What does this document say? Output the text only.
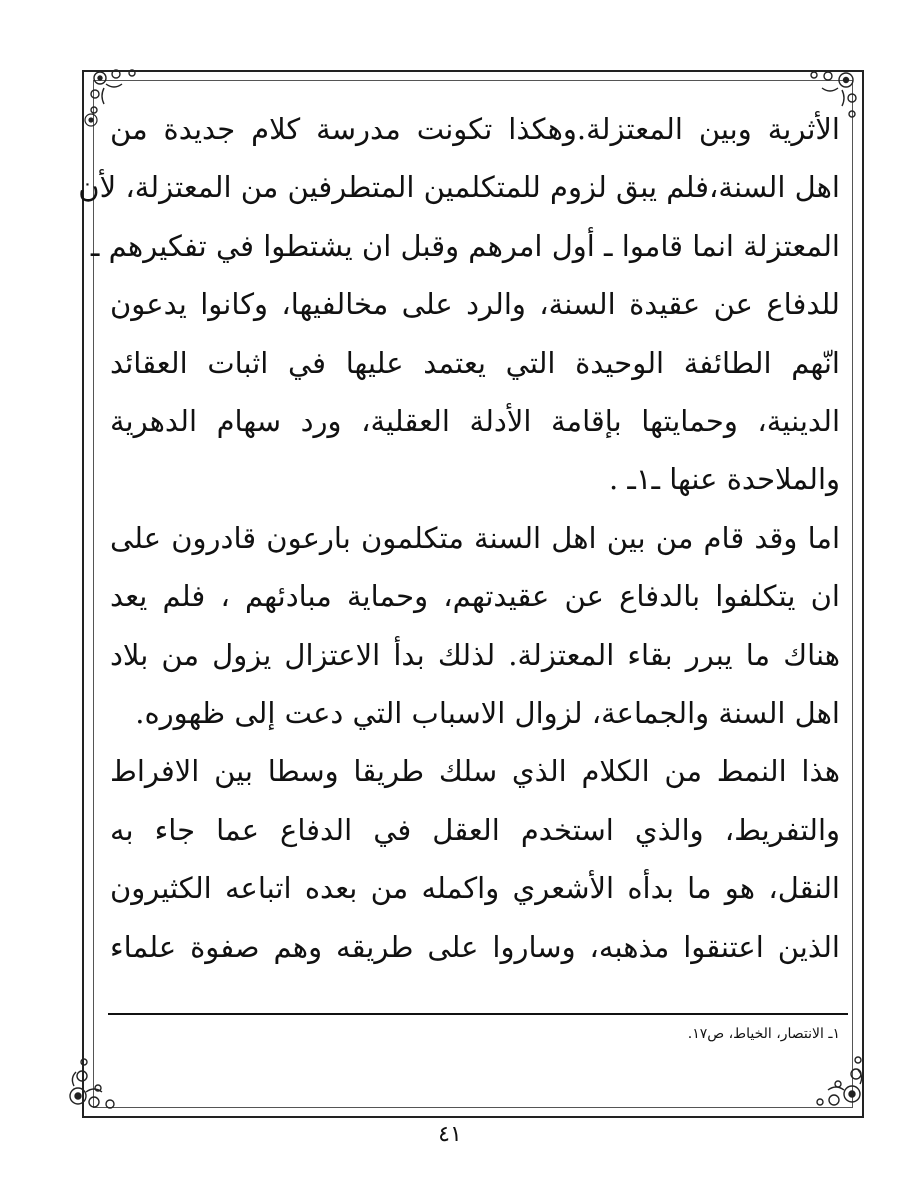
الأثرية وبين المعتزلة.وهكذا تكونت مدرسة كلام جديدة من
اهل السنة،فلم يبق لزوم للمتكلمين المتطرفين من المعتزلة، لأن
المعتزلة انما قاموا ـ أول امرهم وقبل ان يشتطوا في تفكيرهم ـ
للدفاع عن عقيدة السنة، والرد على مخالفيها، وكانوا يدعون
انّهم الطائفة الوحيدة التي يعتمد عليها في اثبات العقائد
الدينية، وحمايتها بإقامة الأدلة العقلية، ورد سهام الدهرية
والملاحدة عنها ـ١ـ .

اما وقد قام من بين اهل السنة متكلمون بارعون قادرون على
ان يتكلفوا بالدفاع عن عقيدتهم، وحماية مبادئهم ، فلم يعد
هناك ما يبرر بقاء المعتزلة. لذلك بدأ الاعتزال يزول من بلاد
اهل السنة والجماعة، لزوال الاسباب التي دعت إلى ظهوره.
هذا النمط من الكلام الذي سلك طريقا وسطا بين الافراط
والتفريط، والذي استخدم العقل في الدفاع عما جاء به
النقل، هو ما بدأه الأشعري واكمله من بعده اتباعه الكثيرون
الذين اعتنقوا مذهبه، وساروا على طريقه وهم صفوة علماء

١ـ الانتصار، الخياط، ص١٧.
٤١
